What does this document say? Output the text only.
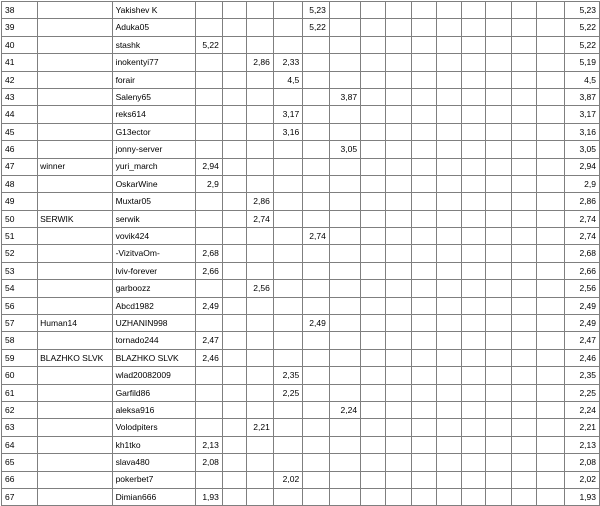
38		Yakishev K					5,23										5,23
39		Aduka05					5,22										5,22
40		stashk	5,22														5,22
41		inokentyi77			2,86	2,33											5,19
42		forair				4,5											4,5
43		Saleny65						3,87									3,87
44		reks614				3,17											3,17
45		G13ector				3,16											3,16
46		jonny-server						3,05									3,05
47	winner	yuri_march	2,94														2,94
48		OskarWine	2,9														2,9
49		Muxtar05			2,86												2,86
50	SERWIK	serwik			2,74												2,74
51		vovik424					2,74										2,74
52		-VizitvaOm-	2,68														2,68
53		lviv-forever	2,66														2,66
54		garboozz			2,56												2,56
56		Abcd1982	2,49														2,49
57	Human14	UZHANIN998					2,49										2,49
58		tornado244	2,47														2,47
59	BLAZHKO SLVK	BLAZHKO SLVK	2,46														2,46
60		wlad20082009				2,35											2,35
61		Garfild86				2,25											2,25
62		aleksa916						2,24									2,24
63		Volodpiters			2,21												2,21
64		kh1tko	2,13														2,13
65		slava480	2,08														2,08
66		pokerbet7				2,02											2,02
67		Dimian666	1,93														1,93
